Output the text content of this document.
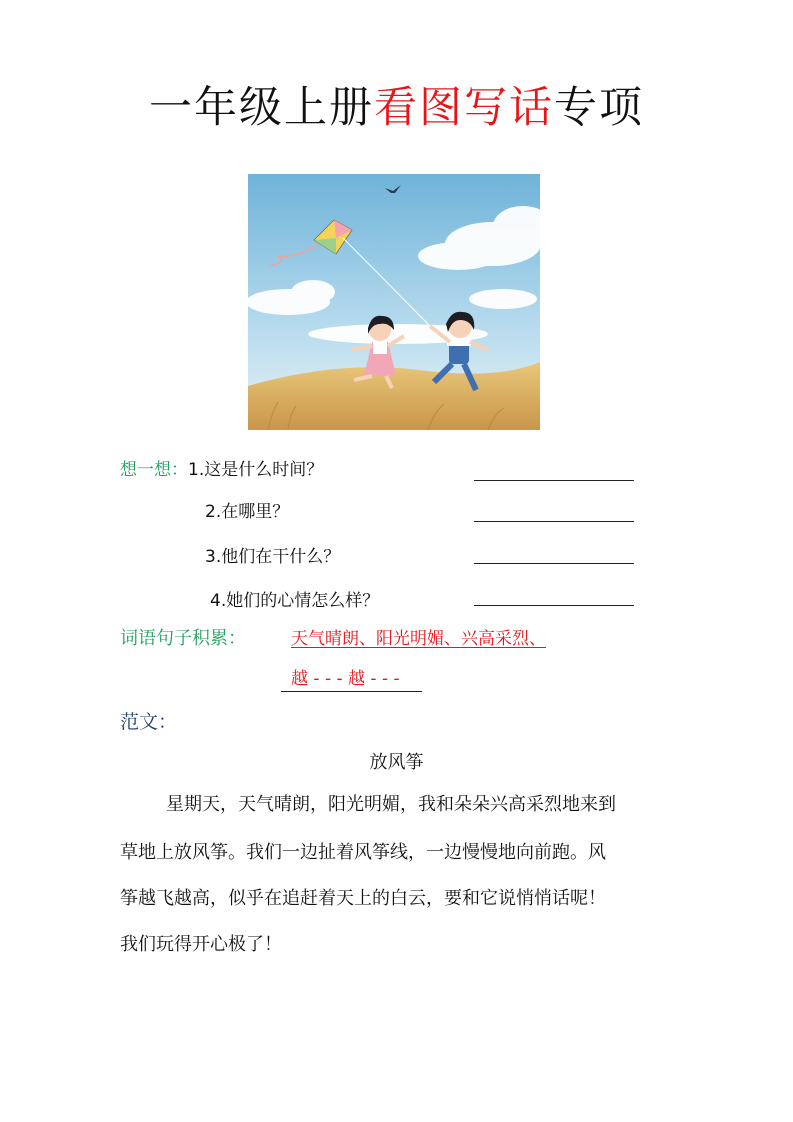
一年级上册看图写话专项
想一想：1.这是什么时间？
2.在哪里？
3.他们在干什么？
4.她们的心情怎么样？
词语句子积累：	天气晴朗、阳光明媚、兴高采烈、
越 - - - 越 - - -
范文：
放风筝
星期天，天气晴朗，阳光明媚，我和朵朵兴高采烈地来到
草地上放风筝。我们一边扯着风筝线，一边慢慢地向前跑。风
筝越飞越高，似乎在追赶着天上的白云，要和它说悄悄话呢！
我们玩得开心极了！
